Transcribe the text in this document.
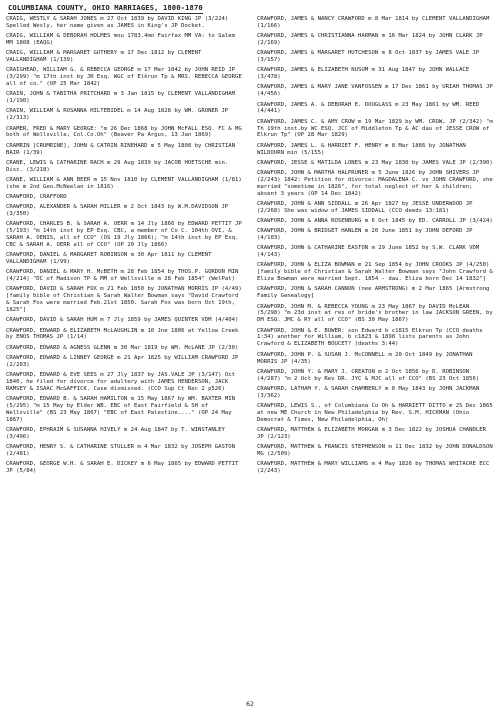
COLUMBIANA COUNTY, OHIO MARRIAGES, 1800-1870
CRAIG, WESTLY & SARAH JONES m 27 Oct 1839 by DAVID KING JP (3/224) Spelled Wesly, her name given as JAMES in King's JP Docket.
CRAIG, WILLIAM & DEBORAH HOLMES mou 1783.4mo Fairfax MM VA: to Salem MM 1808 (EAQG)
CRAIG, WILLIAM & MARGARET GUTHERY m 17 Dec 1812 by CLEMENT VALLANDIGHAM (1/139)
CRAIGHEAD, WILLIAM G. & REBECCA GEORGE m 17 Mar 1842 by JOHN REID JP (3/299) "m 17th inst by JR Esq. WGC of Elkrun Tp & MRS. REBECCA GEORGE all of co." (OP 25 Mar 1842)
CRAIN, JOHN & TABITHA PRITCHARD m 3 Jan 1815 by CLEMENT VALLANDIGHAM (1/190)
CRAIN, WILLIAM & ROSANNA HILTEBIDEL m 14 Aug 1828 by WM. GRONER JP (2/313)
CRAMER, FRED & MARY GEORGE: "m 26 Dec 1868 by JOHN McFALL ESQ. FC & MG both of Wellsville, Col.Co.Oh" (Beaver Pa Argus, 13 Jan 1869)
CRAMRIN [CRUMRINE], JOHN & CATRIN RINEHARD m 5 May 1808 by CHRISTIAN BAIR (1/39)
CRANE, LEWIS & CATHARINE RACH m 29 Aug 1839 by JACOB HOETSCHE min. Disc. (3/218)
CRANE, WILLIAM & ANN BEER m 15 Nov 1810 by CLEMENT VALLANDIGHAM (1/81) (she m 2nd Geo.McNeelan in 1816)
CRAWFORD, CRAFFORD
CRAWFORD, ALEXANDER & SARAH MILLER m 2 Oct 1843 by W.M.DAVIDSON JP (3/350)
CRAWFORD, CHARLES B. & SARAH A. OERR m 14 Jly 1866 by EDWARD PETTIT JP (5/193) "m 14th inst by EP Esq. CBC, a member of Co C. 104th OVI, & SARAH A. OENIS, all of CCO" (OS 19 Jly 1866); "m 14th inst by EP Esq. CBC & SARAH A. OERR all of CCO" (OP 20 Jly 1866)
CRAWFORD, DANIEL & MARGARET ROBINSON m 30 Apr 1811 by CLEMENT VALLANDIGHAM (1/99)
CRAWFORD, DANIEL & MARY H. McBETH m 28 Feb 1854 by THOS.P. GORDON MIN (4/214) "DC of Madison TP & MM of Wellsville m 28 Feb 1854" (WelPat)
CRAWFORD, DAVID & SARAH FOX m 21 Feb 1850 by JONATHAN MORRIS JP (4/49) [family bible of Christian & Sarah Walter Bowman says "David Crawford & Sarah Fox were married Feb.21st 1850. Sarah Fox was born Oct 19th, 1825"]
CRAWFORD, DAVID & SARAH HUM m 7 Jly 1859 by JAMES QUINTER VDM (4/404)
CRAWFORD, EDWARD & ELIZABETH McLAUGHLIN m 10 Jne 1806 at Yellow Creek by ENOS THOMAS JP (1/14)
CRAWFORD, EDWARD & AGNESS GLENN m 30 Mar 1819 by WM. McLANE JP (2/30)
CRAWFORD, EDWARD & LINNEY GEORGE m 21 Apr 1825 by WILLIAM CRAWFORD JP (2/203)
CRAWFORD, EDWARD & EVE SEES m 27 Jly 1837 by JAS.VALE JP (3/147) Oct 1840, he filed for divorce for adultery with JAMES HENDERSON, JACK RAMSEY & ISAAC McGAFFICK. Case dismissed. (CCO Sup Ct Rec 2 p526)
CRAWFORD, EDWARD B. & SARAH HAMILTON m 15 May 1867 by WM. BAXTER MIN (5/295) "m 15 May by Elder WB. EBC of East Fairfield & SH of Wellsville" (BS 23 May 1867) "EBC of East Palestine...." (OP 24 May 1867)
CRAWFORD, EPHRAIM & SUSANNA HIVELY m 24 Aug 1847 by T. WINSTANLEY (3/496)
CRAWFORD, HENRY S. & CATHARINE STULLER m 4 Mar 1832 by JOSEPH GASTON (2/481)
CRAWFORD, GEORGE W.H. & SARAH E. DICKEY m 6 May 1865 by EDWARD PETTIT JP (5/84)
CRAWFORD, JAMES & NANCY CRAWFORD m 8 Mar 1814 by CLEMENT VALLANDIGHAM (1/166)
CRAWFORD, JAMES & CHRISTIANNA HARMAN m 16 Mar 1824 by JOHN CLARK JP (2/169)
CRAWFORD, JAMES & MARGARET HUTCHESON m 8 Oct 1837 by JAMES VALE JP (3/157)
CRAWFORD, JAMES & ELIZABETH NUSUM m 31 Aug 1847 by JOHN WALLACE (3/478)
CRAWFORD, JAMES & MARY JANE VANFOSSEN m 17 Dec 1861 by URIAH THOMAS JP (4/456)
CRAWFORD, JAMES A. & DEBORAH E. DOUGLASS m 23 May 1861 by WM. REED (4/441)
CRAWFORD, JAMES C. & AMY CROW m 19 Mar 1829 by WM. CROW, JP (2/342) "m Th 19th inst.by WC ESQ. JCC of Middleton Tp & AC dau of JESSE CROW of Elkrun Tp" (OP 28 Mar 1829)
CRAWFORD, JAMES L. & HARRIET F. HENRY m 8 Mar 1866 by JONATHAN WILDOURN min (5/155)
CRAWFORD, JESSE & MATILDA LONES m 23 May 1830 by JAMES VALE JP (2/390)
CRAWFORD, JOHN & MARTHA HALPRUNER m 5 June 1826 by JOHN SHIVERS JP (2/243) 1842: Petition for divorce: MAGDALENA C. vs JOHN CRAWFORD, she married "sometime in 1826", for total neglect of her & children; absent 3 years (OP 14 Dec 1842)
CRAWFORD, JOHN & ANN SIDDALL m 26 Apr 1827 by JESSE UNDERWOOD JP (2/268) She was widow of JAMES SIDDALL (CCO deeds 13:181)
CRAWFORD, JOHN & ANNA ROSENBURG m 6 Oct 1845 by ED. CARROLL JP (3/424)
CRAWFORD, JOHN & BRIDGET HANLEN m 20 June 1851 by JOHN DEFORD JP (4/103)
CRAWFORD, JOHN & CATHARINE EASTON m 29 June 1852 by S.W. CLARK VDM (4/143)
CRAWFORD, JOHN & ELIZA BOWMAN m 21 Sep 1854 by JOHN CROOKS JP (4/250) [family bible of Christian & Sarah Walter Bowman says "John Crawford & Eliza Bowman were married Sept. 1854 - dau. Eliza born Dec 14 1832"]
CRAWFORD, JOHN & SARAH CANNON (nee ARMSTRONG) m 2 Mar 1865 [Armstrong Family Genealogy]
CRAWFORD, JOHN M. & REBECCA YOUNG m 23 May 1867 by DAVID McLEAN (5/298) "m 23d inst at res of bride's brother in law JACKSON GREEN, by DM ESQ. JMC & RY all of CCO" (BS 30 May 1867)
CRAWFORD, JOHN & E. BOWER: son Edward b c1815 Elkrun Tp (CCO deaths 1:34) another for William, b c1823 & 1898 lists parents as John Crawford & ELIZABETH BOUCET? (deaths 3:44)
CRAWFORD, JOHN P. & SUSAN J. McCONNELL m 20 Oct 1849 by JONATHAN MORRIS JP (4/35)
CRAWFORD, JOHN Y. & MARY J. CREATON m 2 Oct 1856 by D. ROBINSON (4/287) "m 2 Oct by Rev DR. JYC & MJC all of CCO" (BS 23 Oct 1856)
CRAWFORD, LATHAM Y. & SARAH CHAMBERLY m 8 May 1843 by JOHN JACKMAN (3/362)
CRAWFORD, LEWIS S., of Columbiana Co Oh & HARRIETT DITTO m 25 Dec 1865 at new ME Church in New Philadelphia by Rev. S.M. HICKMAN (Ohio Democrat & Times, New Philadelphia, Oh)
CRAWFORD, MATTHEW & ELIZABETH MORGAN m 3 Dec 1822 by JOSHUA CHANDLER JP (2/123)
CRAWFORD, MATTHEW & FRANCIS STEPHENSON m 11 Dec 1832 by JOHN DONALDSON MG (2/509)
CRAWFORD, MATTHEW & MARY WILLIAMS m 4 May 1826 by THOMAS WHITACRE ECC (2/243)
62
